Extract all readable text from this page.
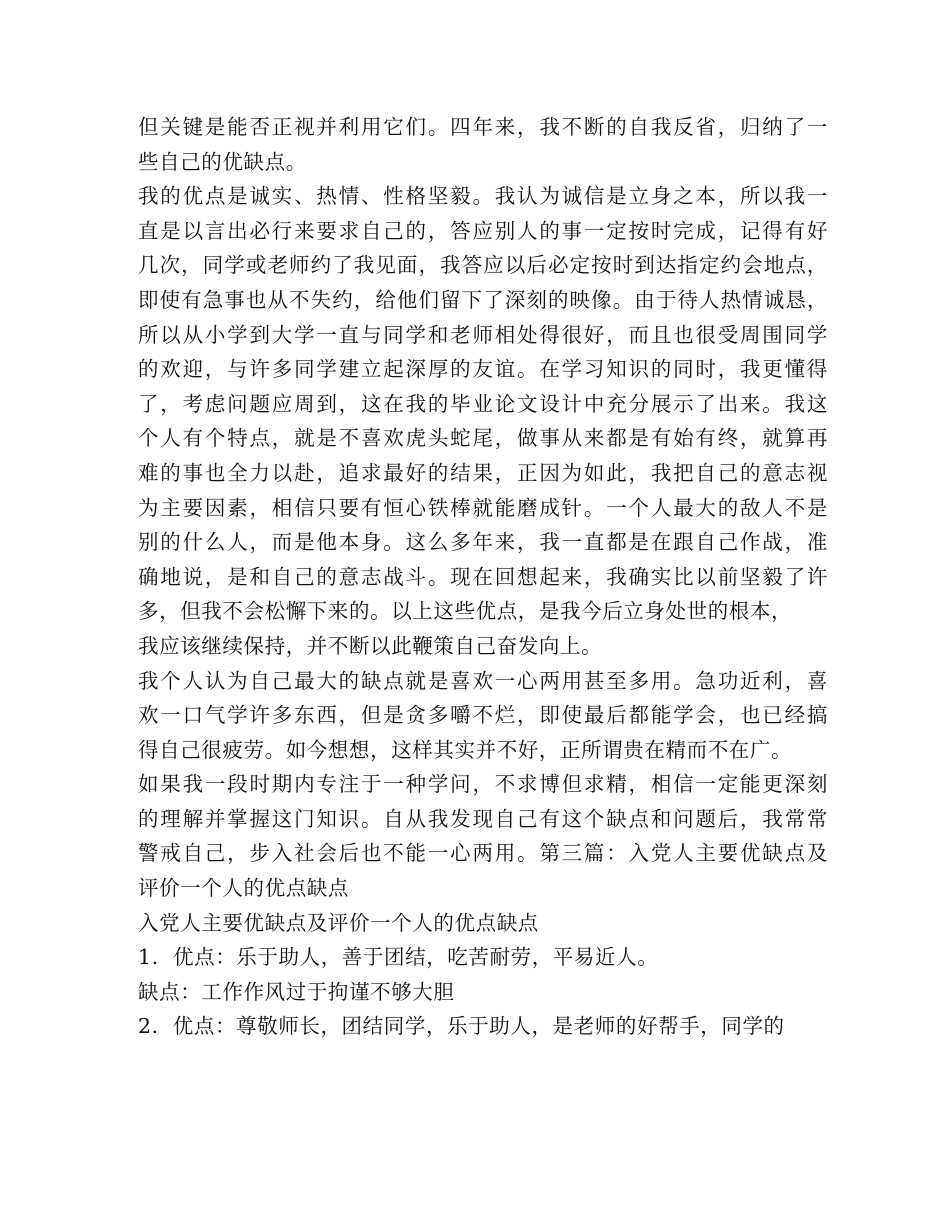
但关键是能否正视并利用它们。四年来，我不断的自我反省，归纳了一
些自己的优缺点。
我的优点是诚实、热情、性格坚毅。我认为诚信是立身之本，所以我一
直是以言出必行来要求自己的，答应别人的事一定按时完成，记得有好
几次，同学或老师约了我见面，我答应以后必定按时到达指定约会地点，
即使有急事也从不失约，给他们留下了深刻的映像。由于待人热情诚恳，
所以从小学到大学一直与同学和老师相处得很好，而且也很受周围同学
的欢迎，与许多同学建立起深厚的友谊。在学习知识的同时，我更懂得
了，考虑问题应周到，这在我的毕业论文设计中充分展示了出来。我这
个人有个特点，就是不喜欢虎头蛇尾，做事从来都是有始有终，就算再
难的事也全力以赴，追求最好的结果，正因为如此，我把自己的意志视
为主要因素，相信只要有恒心铁棒就能磨成针。一个人最大的敌人不是
别的什么人，而是他本身。这么多年来，我一直都是在跟自己作战，准
确地说，是和自己的意志战斗。现在回想起来，我确实比以前坚毅了许
多，但我不会松懈下来的。以上这些优点，是我今后立身处世的根本，
我应该继续保持，并不断以此鞭策自己奋发向上。
我个人认为自己最大的缺点就是喜欢一心两用甚至多用。急功近利，喜
欢一口气学许多东西，但是贪多嚼不烂，即使最后都能学会，也已经搞
得自己很疲劳。如今想想，这样其实并不好，正所谓贵在精而不在广。
如果我一段时期内专注于一种学问，不求博但求精，相信一定能更深刻
的理解并掌握这门知识。自从我发现自己有这个缺点和问题后，我常常
警戒自己，步入社会后也不能一心两用。第三篇：入党人主要优缺点及
评价一个人的优点缺点
入党人主要优缺点及评价一个人的优点缺点
1.  优点：乐于助人，善于团结，吃苦耐劳，平易近人。
缺点：工作作风过于拘谨不够大胆
2．优点：尊敬师长，团结同学，乐于助人，是老师的好帮手，同学的
